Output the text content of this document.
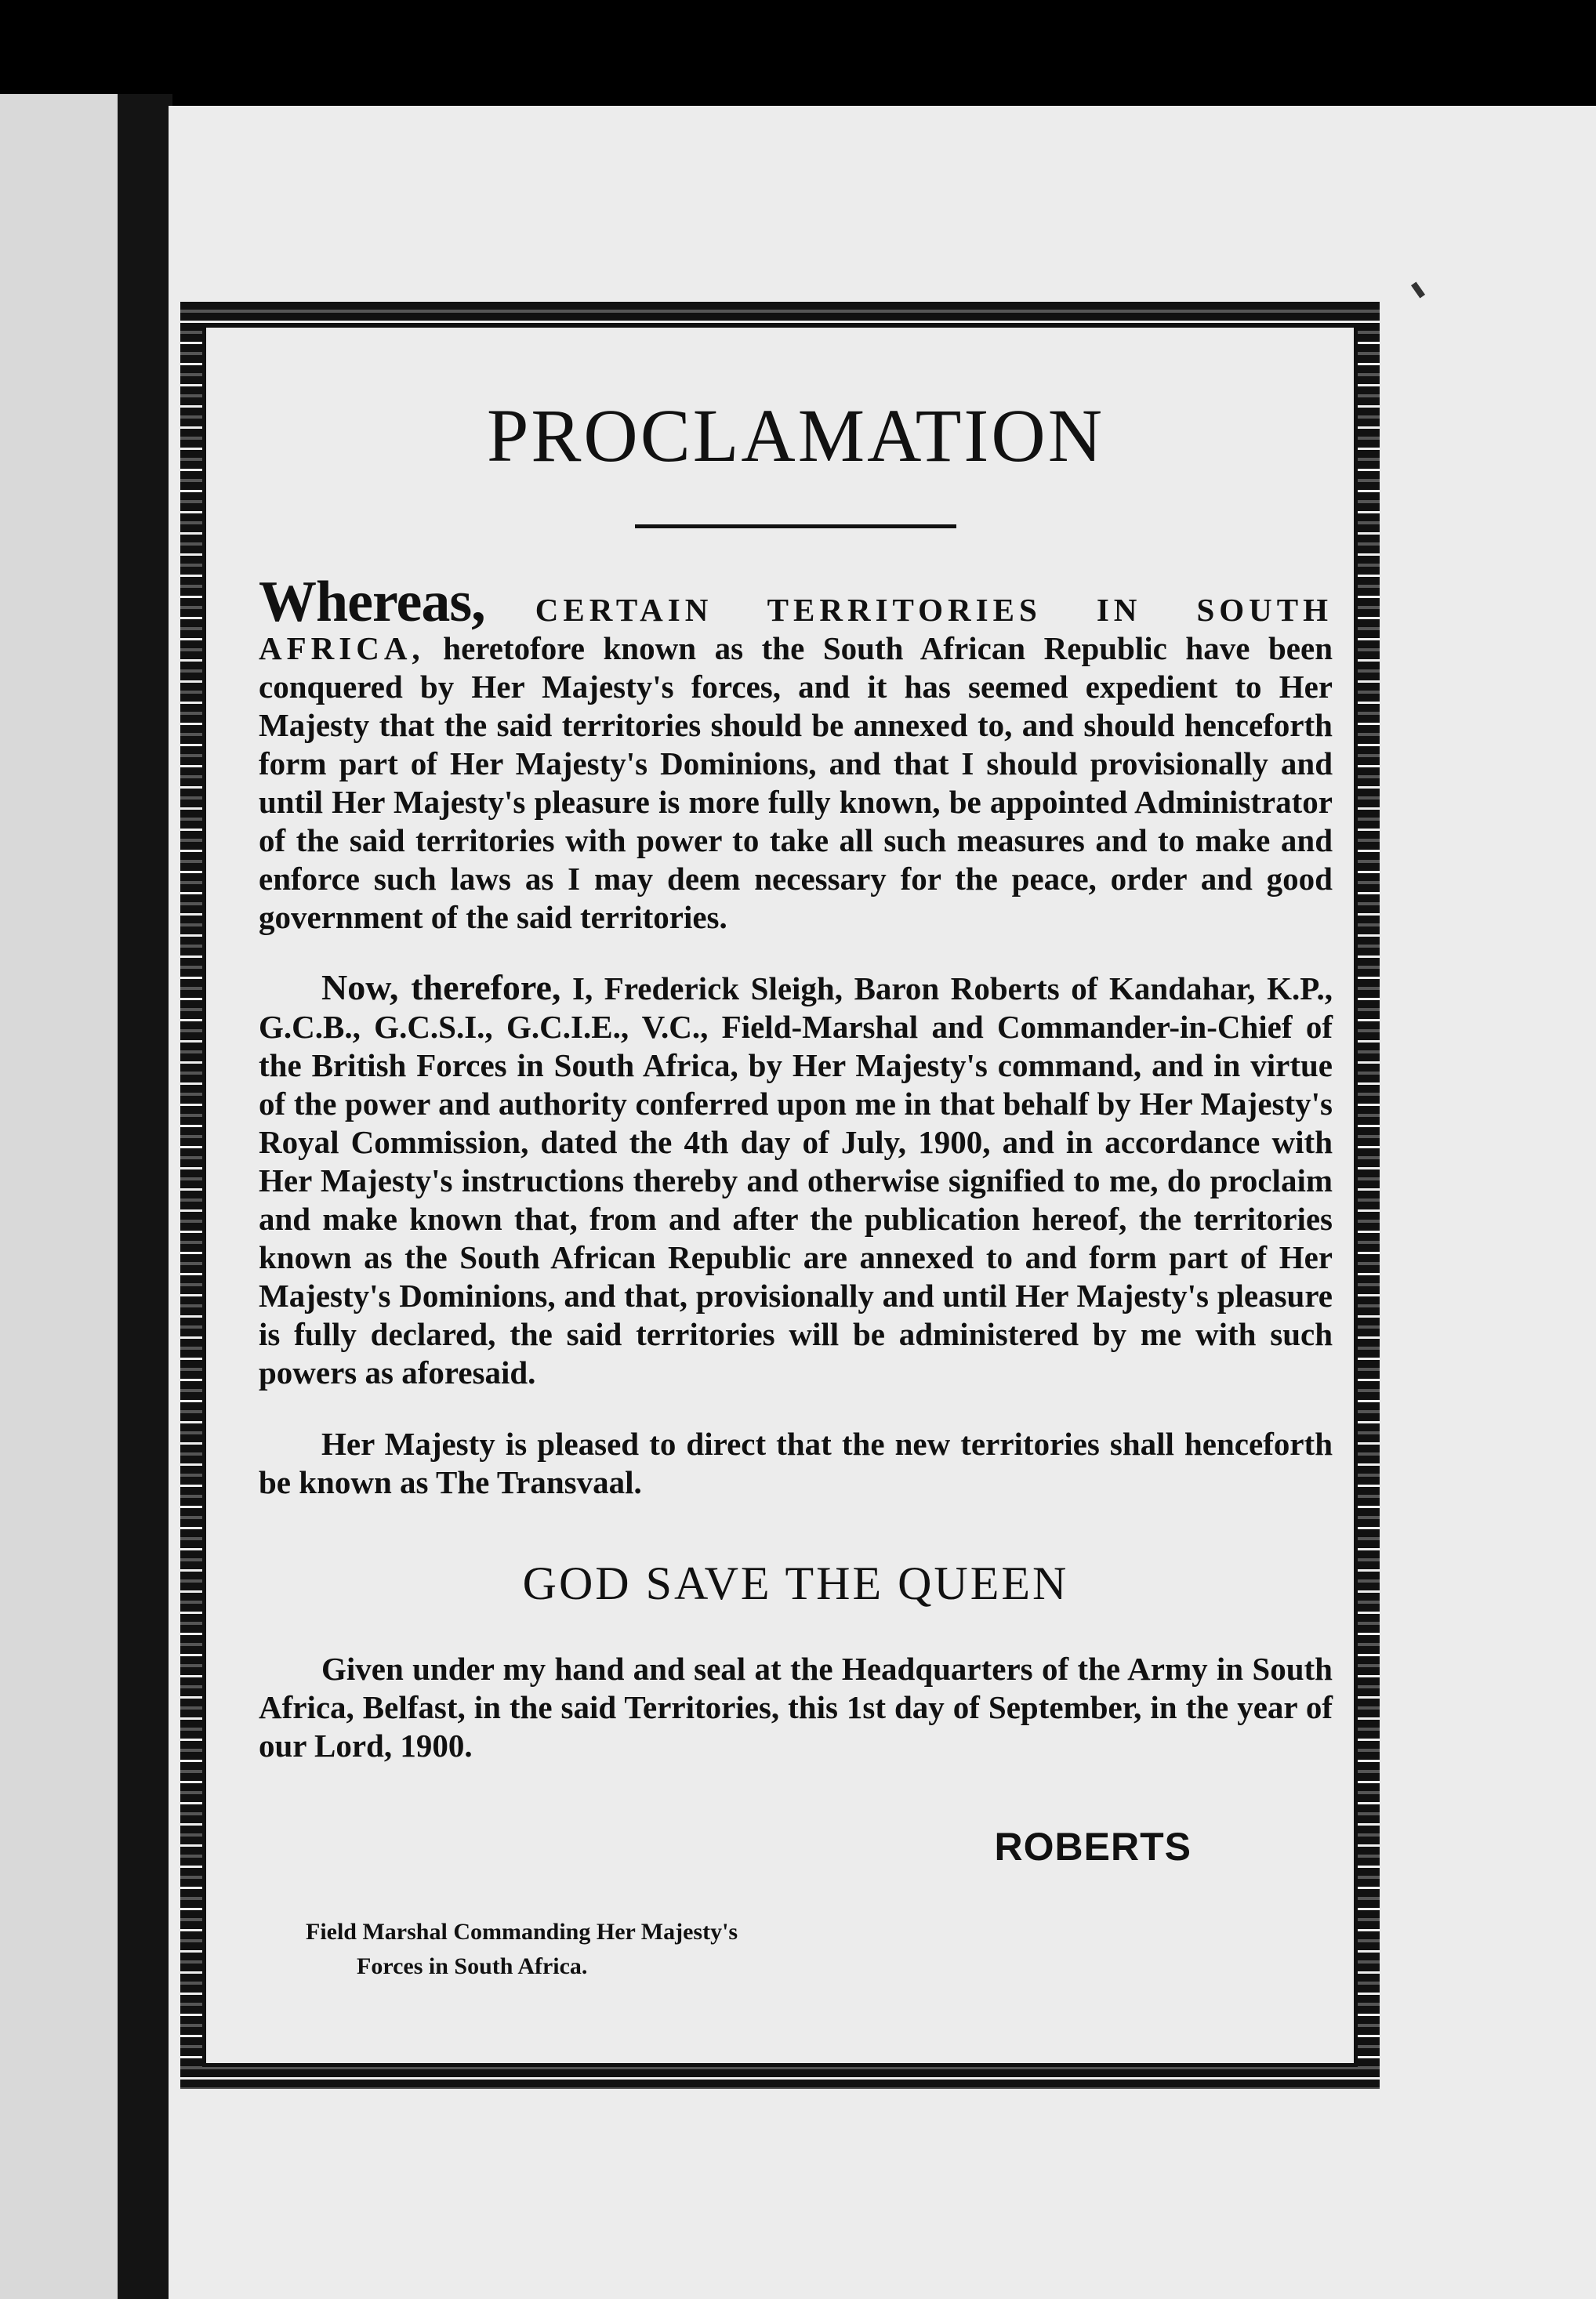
PROCLAMATION

Whereas, CERTAIN TERRITORIES IN SOUTH AFRICA, heretofore known as the South African Republic have been conquered by Her Majesty's forces, and it has seemed expedient to Her Majesty that the said territories should be annexed to, and should henceforth form part of Her Majesty's Dominions, and that I should provisionally and until Her Majesty's pleasure is more fully known, be appointed Administrator of the said territories with power to take all such measures and to make and enforce such laws as I may deem necessary for the peace, order and good government of the said territories.

Now, therefore, I, Frederick Sleigh, Baron Roberts of Kandahar, K.P., G.C.B., G.C.S.I., G.C.I.E., V.C., Field-Marshal and Commander-in-Chief of the British Forces in South Africa, by Her Majesty's command, and in virtue of the power and authority conferred upon me in that behalf by Her Majesty's Royal Commission, dated the 4th day of July, 1900, and in accordance with Her Majesty's instructions thereby and otherwise signified to me, do proclaim and make known that, from and after the publication hereof, the territories known as the South African Republic are annexed to and form part of Her Majesty's Dominions, and that, provisionally and until Her Majesty's pleasure is fully declared, the said territories will be administered by me with such powers as aforesaid.

Her Majesty is pleased to direct that the new territories shall henceforth be known as The Transvaal.

GOD SAVE THE QUEEN

Given under my hand and seal at the Headquarters of the Army in South Africa, Belfast, in the said Territories, this 1st day of September, in the year of our Lord, 1900.

ROBERTS
Field Marshal Commanding Her Majesty's
Forces in South Africa.
